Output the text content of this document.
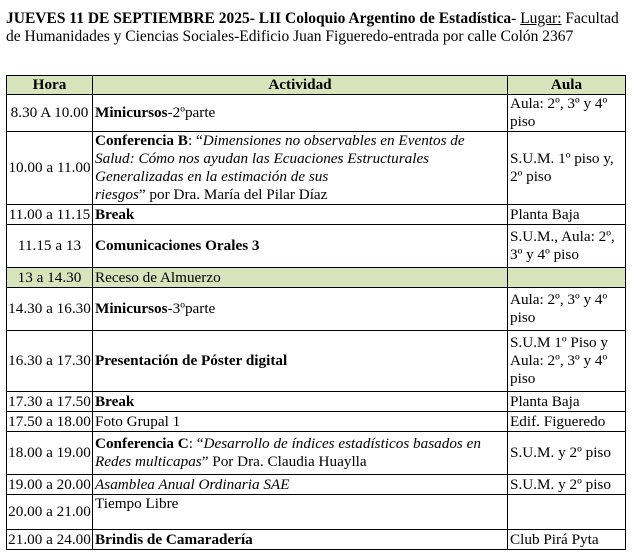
JUEVES 11 DE SEPTIEMBRE 2025- LII Coloquio Argentino de Estadística- Lugar: Facultad de Humanidades y Ciencias Sociales-Edificio Juan Figueredo-entrada por calle Colón 2367
Hora	Actividad	Aula
8.30 A 10.00	Minicursos-2ºparte	Aula: 2º, 3º y 4º piso
10.00 a 11.00	Conferencia B: “Dimensiones no observables en Eventos de Salud: Cómo nos ayudan las Ecuaciones Estructurales Generalizadas en la estimación de sus riesgos” por Dra. María del Pilar Díaz	S.U.M. 1º piso y, 2º piso
11.00 a 11.15	Break	Planta Baja
11.15 a 13	Comunicaciones Orales 3	S.U.M., Aula: 2º, 3º y 4º piso
13 a 14.30	Receso de Almuerzo	
14.30 a 16.30	Minicursos-3ºparte	Aula: 2º, 3º y 4º piso
16.30 a 17.30	Presentación de Póster digital	S.U.M 1º Piso y Aula: 2º, 3º y 4º piso
17.30 a 17.50	Break	Planta Baja
17.50 a 18.00	Foto Grupal 1	Edif. Figueredo
18.00 a 19.00	Conferencia C: “Desarrollo de índices estadísticos basados en Redes multicapas” Por Dra. Claudia Huaylla	S.U.M. y 2º piso
19.00 a 20.00	Asamblea Anual Ordinaria SAE	S.U.M. y 2º piso
20.00 a 21.00	Tiempo Libre	
21.00 a 24.00	Brindis de Camaradería	Club Pirá Pyta
